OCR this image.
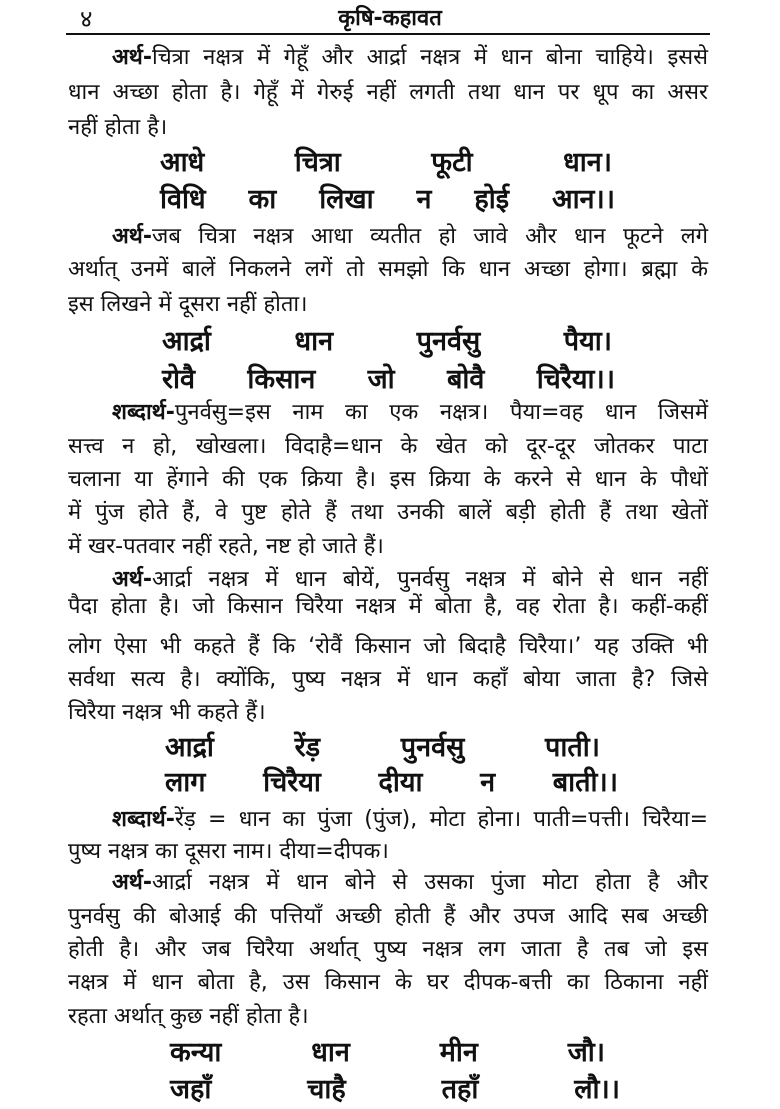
४	कृषि-कहावत
अर्थ-चित्रा नक्षत्र में गेहूँ और आर्द्रा नक्षत्र में धान बोना चाहिये। इससे
धान अच्छा होता है। गेहूँ में गेरुई नहीं लगती तथा धान पर धूप का असर
नहीं होता है।
आधे	चित्रा	फूटी	धान।
विधि का लिखा न होई आन।।
अर्थ-जब चित्रा नक्षत्र आधा व्यतीत हो जावे और धान फूटने लगे
अर्थात् उनमें बालें निकलने लगें तो समझो कि धान अच्छा होगा। ब्रह्मा के
इस लिखने में दूसरा नहीं होता।
आर्द्रा	धान	पुनर्वसु	पैया।
रोवै किसान जो बोवै चिरैया।।
शब्दार्थ-पुनर्वसु=इस नाम का एक नक्षत्र। पैया=वह धान जिसमें
सत्त्व न हो, खोखला। विदाहै=धान के खेत को दूर-दूर जोतकर पाटा
चलाना या हेंगाने की एक क्रिया है। इस क्रिया के करने से धान के पौधों
में पुंज होते हैं, वे पुष्ट होते हैं तथा उनकी बालें बड़ी होती हैं तथा खेतों
में खर-पतवार नहीं रहते, नष्ट हो जाते हैं।
अर्थ-आर्द्रा नक्षत्र में धान बोयें, पुनर्वसु नक्षत्र में बोने से धान नहीं
पैदा होता है। जो किसान चिरैया नक्षत्र में बोता है, वह रोता है। कहीं-कहीं
लोग ऐसा भी कहते हैं कि ‘रोवैं किसान जो बिदाहै चिरैया।’ यह उक्ति भी
सर्वथा सत्य है। क्योंकि, पुष्य नक्षत्र में धान कहाँ बोया जाता है? जिसे
चिरैया नक्षत्र भी कहते हैं।
आर्द्रा	रेंड़	पुनर्वसु	पाती।
लाग चिरैया दीया न बाती।।
शब्दार्थ-रेंड़ = धान का पुंजा (पुंज), मोटा होना। पाती=पत्ती। चिरैया=
पुष्य नक्षत्र का दूसरा नाम। दीया=दीपक।
अर्थ-आर्द्रा नक्षत्र में धान बोने से उसका पुंजा मोटा होता है और
पुनर्वसु की बोआई की पत्तियाँ अच्छी होती हैं और उपज आदि सब अच्छी
होती है। और जब चिरैया अर्थात् पुष्य नक्षत्र लग जाता है तब जो इस
नक्षत्र में धान बोता है, उस किसान के घर दीपक-बत्ती का ठिकाना नहीं
रहता अर्थात् कुछ नहीं होता है।
कन्या	धान	मीन	जौ।
जहाँ	चाहै	तहाँ	लौ।।
